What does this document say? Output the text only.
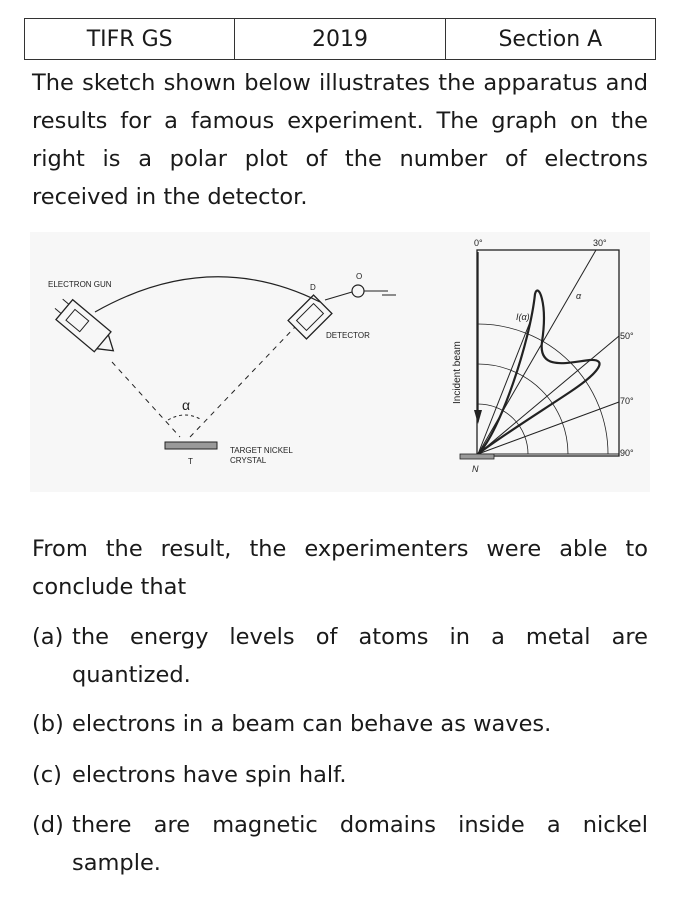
TIFR GS	2019	Section A
The sketch shown below illustrates the apparatus and results for a famous experiment. The graph on the right is a polar plot of the number of electrons received in the detector.
ELECTRON GUN	D
O
DETECTOR
α
TARGET NICKEL
CRYSTAL
T
0°	30°
50°
70°
90°
α
I(α)
Incident beam
N
From the result, the experimenters were able to conclude that
(a) the energy levels of atoms in a metal are quantized.
(b) electrons in a beam can behave as waves.
(c) electrons have spin half.
(d) there are magnetic domains inside a nickel sample.
